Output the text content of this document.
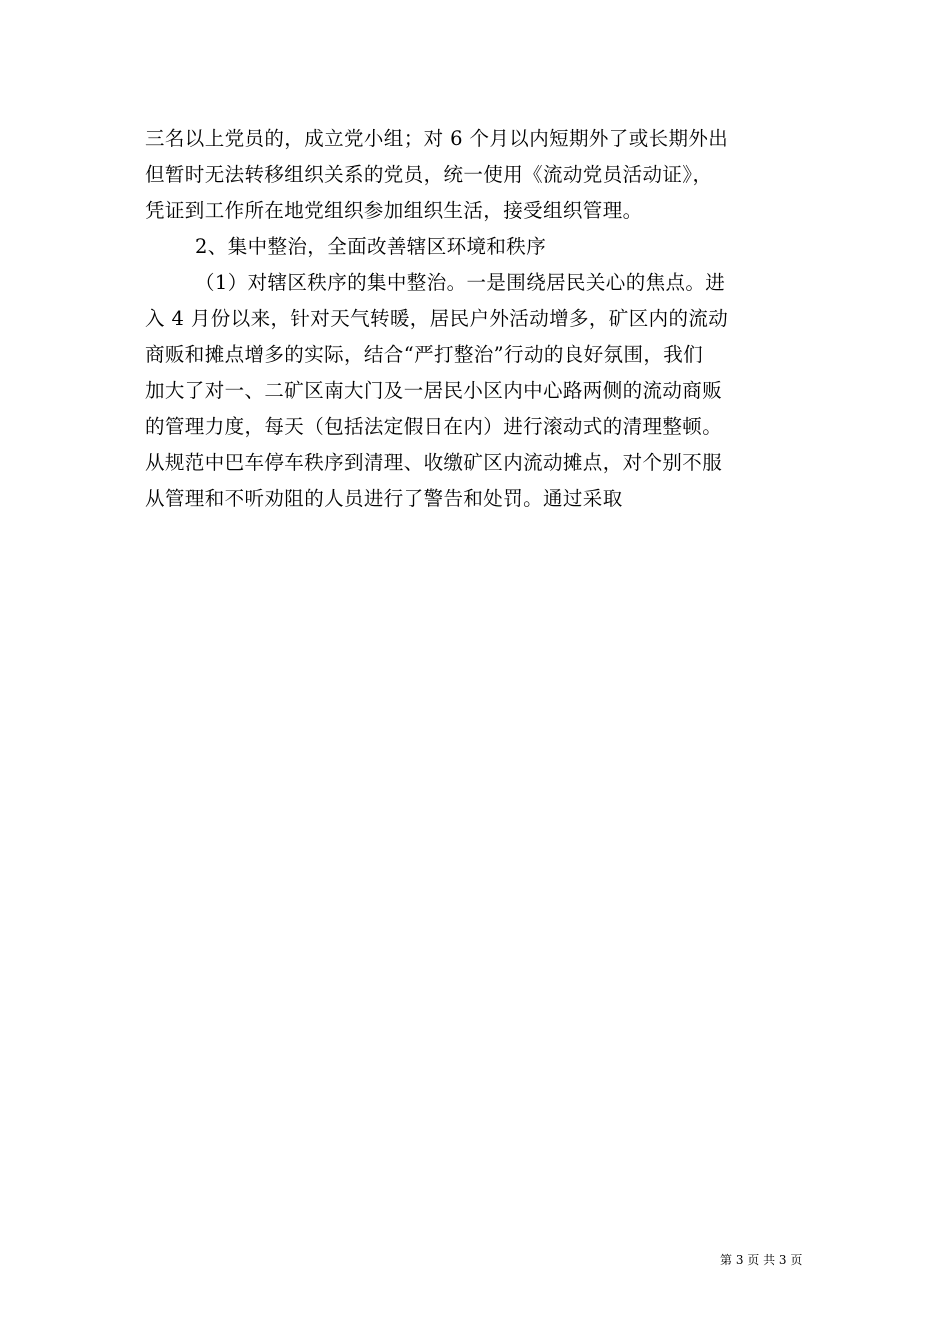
三名以上党员的，成立党小组；对 6 个月以内短期外了或长期外出
但暂时无法转移组织关系的党员，统一使用《流动党员活动证》，
凭证到工作所在地党组织参加组织生活，接受组织管理。
2、集中整治，全面改善辖区环境和秩序
（1）对辖区秩序的集中整治。一是围绕居民关心的焦点。进
入 4 月份以来，针对天气转暖，居民户外活动增多，矿区内的流动
商贩和摊点增多的实际，结合“严打整治”行动的良好氛围，我们
加大了对一、二矿区南大门及一居民小区内中心路两侧的流动商贩
的管理力度，每天（包括法定假日在内）进行滚动式的清理整顿。
从规范中巴车停车秩序到清理、收缴矿区内流动摊点，对个别不服
从管理和不听劝阻的人员进行了警告和处罚。通过采取
第 3 页 共 3 页
